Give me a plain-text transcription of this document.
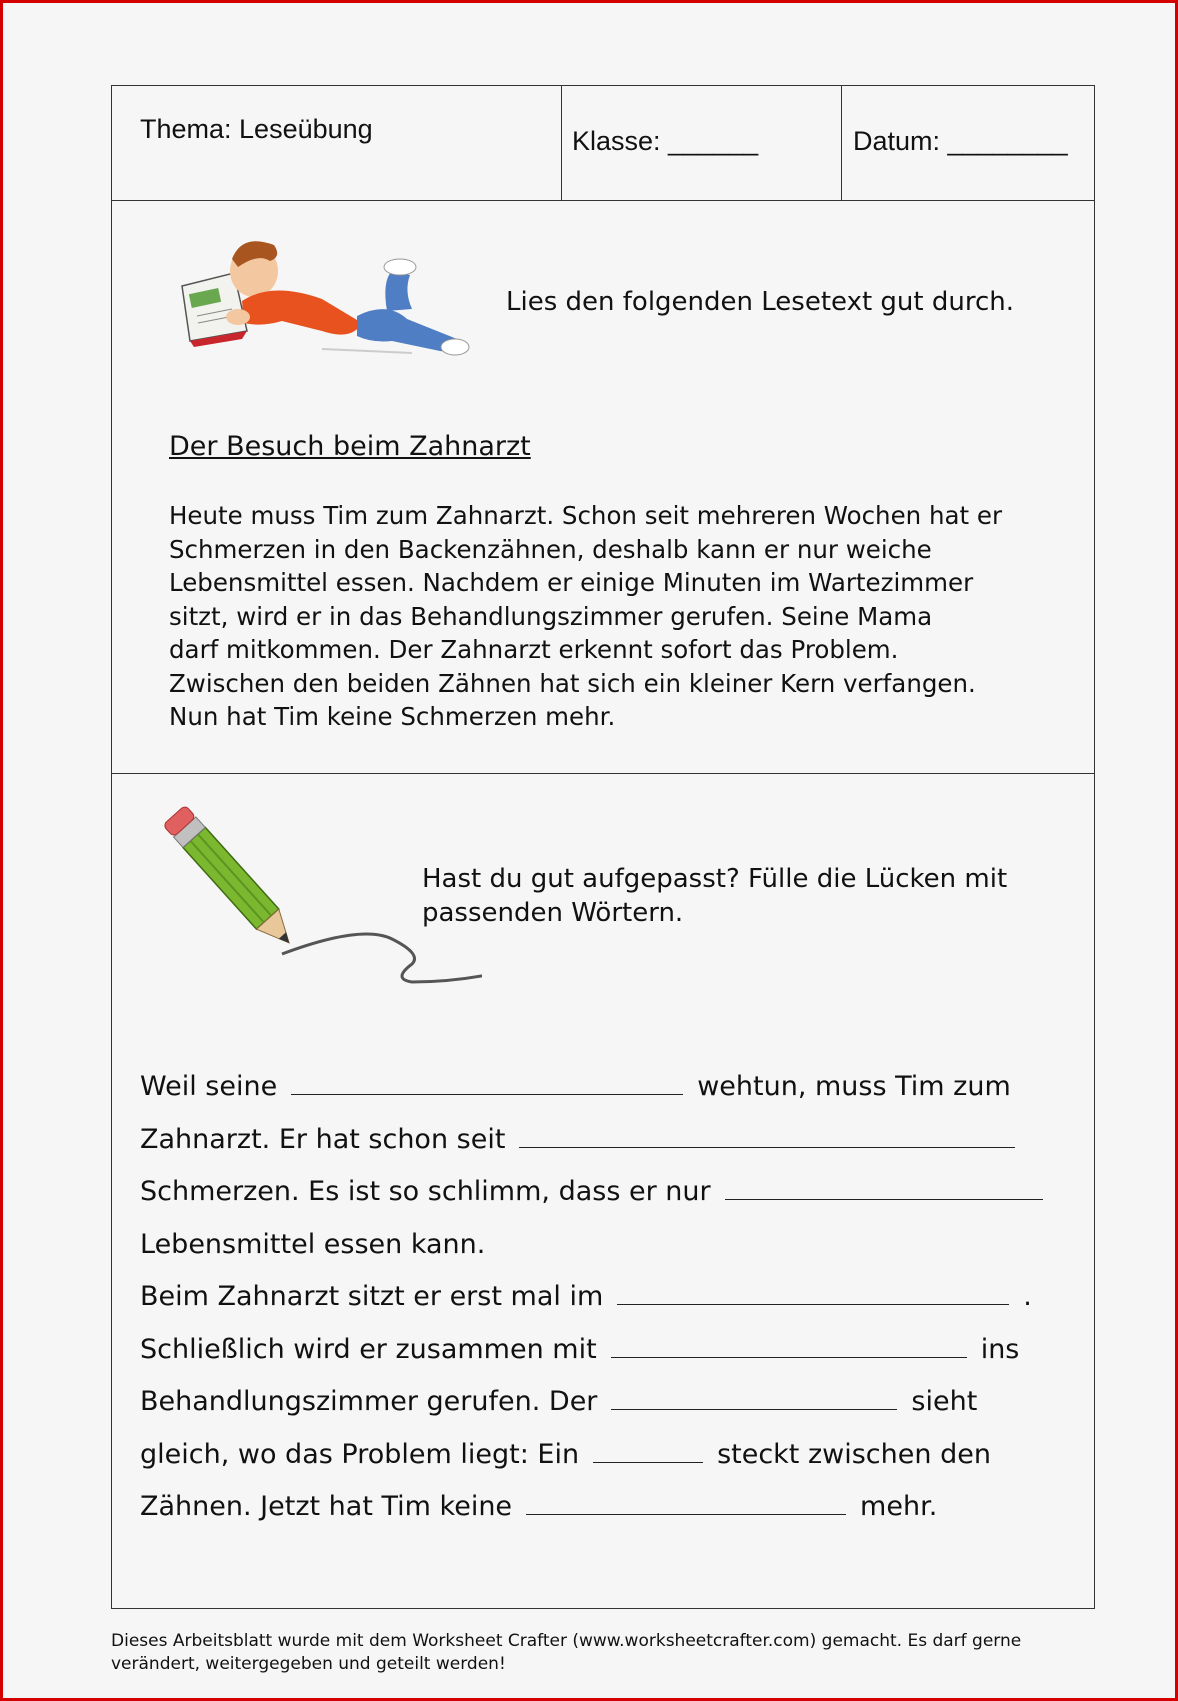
Thema: Leseübung	Klasse: ______	Datum: ________
Lies den folgenden Lesetext gut durch.
Der Besuch beim Zahnarzt
Heute muss Tim zum Zahnarzt. Schon seit mehreren Wochen hat er
Schmerzen in den Backenzähnen, deshalb kann er nur weiche
Lebensmittel essen. Nachdem er einige Minuten im Wartezimmer
sitzt, wird er in das Behandlungszimmer gerufen. Seine Mama
darf mitkommen. Der Zahnarzt erkennt sofort das Problem.
Zwischen den beiden Zähnen hat sich ein kleiner Kern verfangen.
Nun hat Tim keine Schmerzen mehr.
Hast du gut aufgepasst? Fülle die Lücken mit
passenden Wörtern.
Weil seine	wehtun, muss Tim zum
Zahnarzt. Er hat schon seit
Schmerzen. Es ist so schlimm, dass er nur
Lebensmittel essen kann.
Beim Zahnarzt sitzt er erst mal im	.
Schließlich wird er zusammen mit	ins
Behandlungszimmer gerufen. Der	sieht
gleich, wo das Problem liegt: Ein	steckt zwischen den
Zähnen. Jetzt hat Tim keine	mehr.
Dieses Arbeitsblatt wurde mit dem Worksheet Crafter (www.worksheetcrafter.com) gemacht. Es darf gerne
verändert, weitergegeben und geteilt werden!
